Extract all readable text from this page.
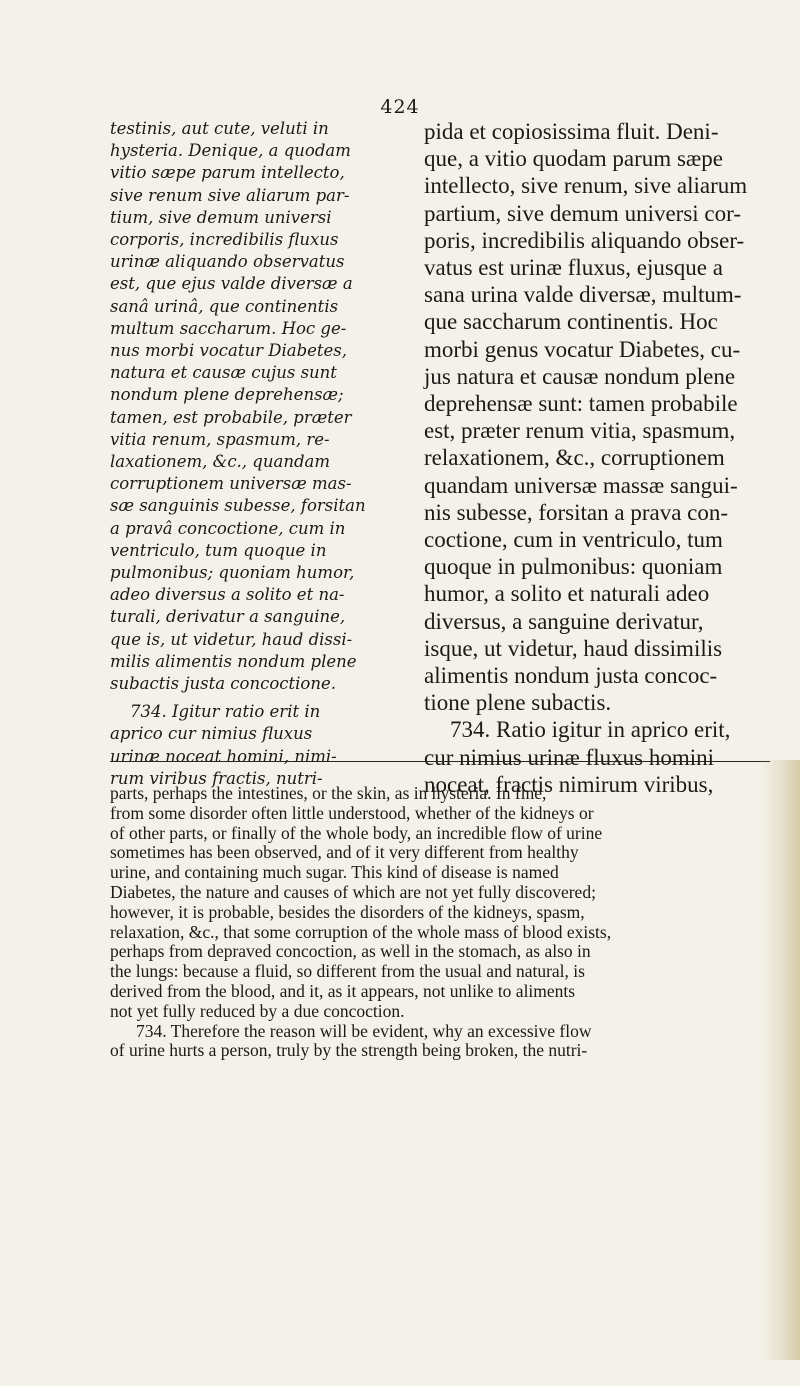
424

testinis, aut cute, veluti in
hysteria. Denique, a quodam
vitio sæpe parum intellecto,
sive renum sive aliarum par-
tium, sive demum universi
corporis, incredibilis fluxus
urinæ aliquando observatus
est, que ejus valde diversæ a
sanâ urinâ, que continentis
multum saccharum. Hoc ge-
nus morbi vocatur Diabetes,
natura et causæ cujus sunt
nondum plene deprehensæ;
tamen, est probabile, præter
vitia renum, spasmum, re-
laxationem, &c., quandam
corruptionem universæ mas-
sæ sanguinis subesse, forsitan
a pravâ concoctione, cum in
ventriculo, tum quoque in
pulmonibus; quoniam humor,
adeo diversus a solito et na-
turali, derivatur a sanguine,
que is, ut videtur, haud dissi-
milis alimentis nondum plene
subactis justa concoctione.

734. Igitur ratio erit in
aprico cur nimius fluxus
urinæ noceat homini, nimi-
rum viribus fractis, nutri-

pida et copiosissima fluit. Deni-
que, a vitio quodam parum sæpe
intellecto, sive renum, sive aliarum
partium, sive demum universi cor-
poris, incredibilis aliquando obser-
vatus est urinæ fluxus, ejusque a
sana urina valde diversæ, multum-
que saccharum continentis. Hoc
morbi genus vocatur Diabetes, cu-
jus natura et causæ nondum plene
deprehensæ sunt: tamen probabile
est, præter renum vitia, spasmum,
relaxationem, &c., corruptionem
quandam universæ massæ sangui-
nis subesse, forsitan a prava con-
coctione, cum in ventriculo, tum
quoque in pulmonibus: quoniam
humor, a solito et naturali adeo
diversus, a sanguine derivatur,
isque, ut videtur, haud dissimilis
alimentis nondum justa concoc-
tione plene subactis.

734. Ratio igitur in aprico erit,
cur nimius urinæ fluxus homini
noceat, fractis nimirum viribus,

parts, perhaps the intestines, or the skin, as in hysteria. In fine,
from some disorder often little understood, whether of the kidneys or
of other parts, or finally of the whole body, an incredible flow of urine
sometimes has been observed, and of it very different from healthy
urine, and containing much sugar. This kind of disease is named
Diabetes, the nature and causes of which are not yet fully discovered;
however, it is probable, besides the disorders of the kidneys, spasm,
relaxation, &c., that some corruption of the whole mass of blood exists,
perhaps from depraved concoction, as well in the stomach, as also in
the lungs: because a fluid, so different from the usual and natural, is
derived from the blood, and it, as it appears, not unlike to aliments
not yet fully reduced by a due concoction.

734. Therefore the reason will be evident, why an excessive flow
of urine hurts a person, truly by the strength being broken, the nutri-
